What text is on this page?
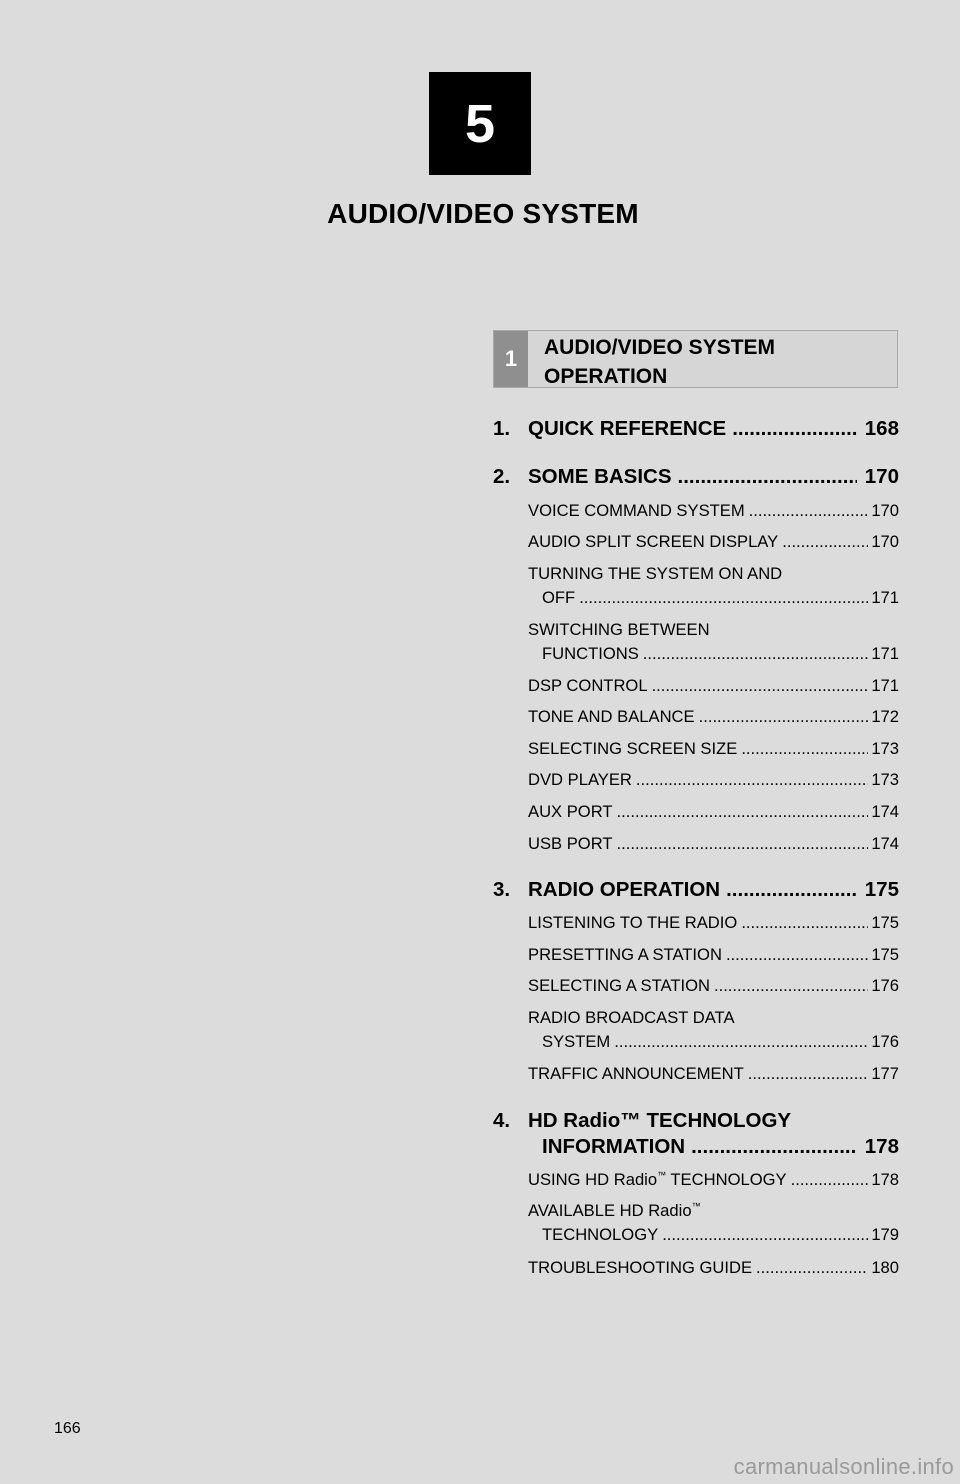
5
AUDIO/VIDEO SYSTEM
1	AUDIO/VIDEO SYSTEM
OPERATION
1. QUICK REFERENCE .....	168
2. SOME BASICS .....	170
VOICE COMMAND SYSTEM .....	170
AUDIO SPLIT SCREEN DISPLAY .....	170
TURNING THE SYSTEM ON AND
OFF .....	171
SWITCHING BETWEEN
FUNCTIONS .....	171
DSP CONTROL .....	171
TONE AND BALANCE .....	172
SELECTING SCREEN SIZE .....	173
DVD PLAYER .....	173
AUX PORT .....	174
USB PORT .....	174
3. RADIO OPERATION .....	175
LISTENING TO THE RADIO .....	175
PRESETTING A STATION .....	175
SELECTING A STATION .....	176
RADIO BROADCAST DATA
SYSTEM .....	176
TRAFFIC ANNOUNCEMENT .....	177
4. HD Radio™ TECHNOLOGY
INFORMATION .....	178
USING HD Radio™ TECHNOLOGY .....	178
AVAILABLE HD Radio™
TECHNOLOGY .....	179
TROUBLESHOOTING GUIDE .....	180
166
carmanualsonline.info
